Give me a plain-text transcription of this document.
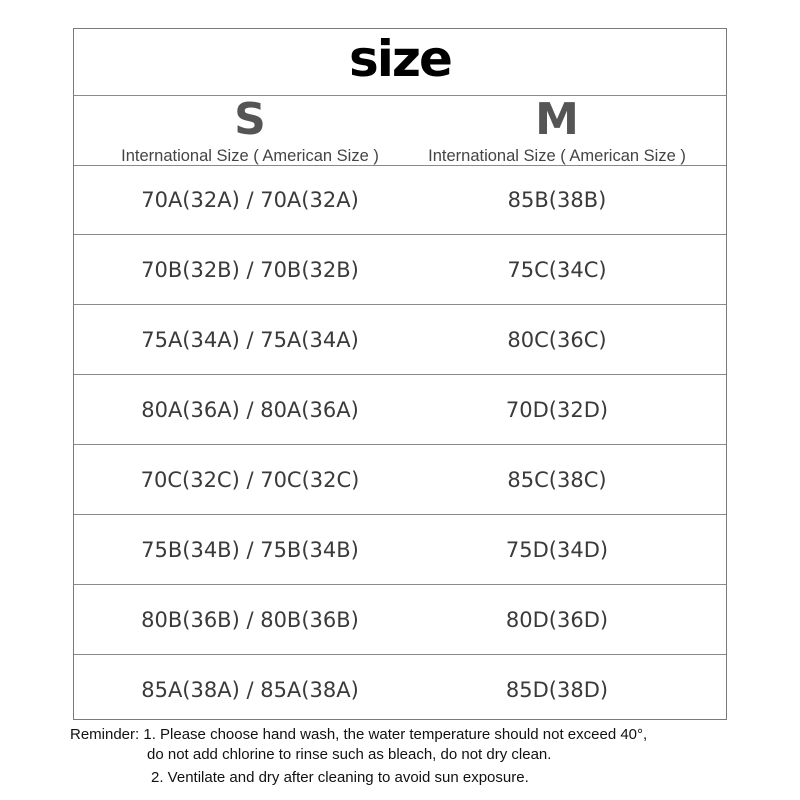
size
S
International Size ( American Size )
M
International Size ( American Size )
70A(32A) / 70A(32A)	85B(38B)
70B(32B) / 70B(32B)	75C(34C)
75A(34A) / 75A(34A)	80C(36C)
80A(36A) / 80A(36A)	70D(32D)
70C(32C) / 70C(32C)	85C(38C)
75B(34B) / 75B(34B)	75D(34D)
80B(36B) / 80B(36B)	80D(36D)
85A(38A) / 85A(38A)	85D(38D)
Reminder: 1. Please choose hand wash, the water temperature should not exceed 40°,
do not add chlorine to rinse such as bleach, do not dry clean.
2. Ventilate and dry after cleaning to avoid sun exposure.
